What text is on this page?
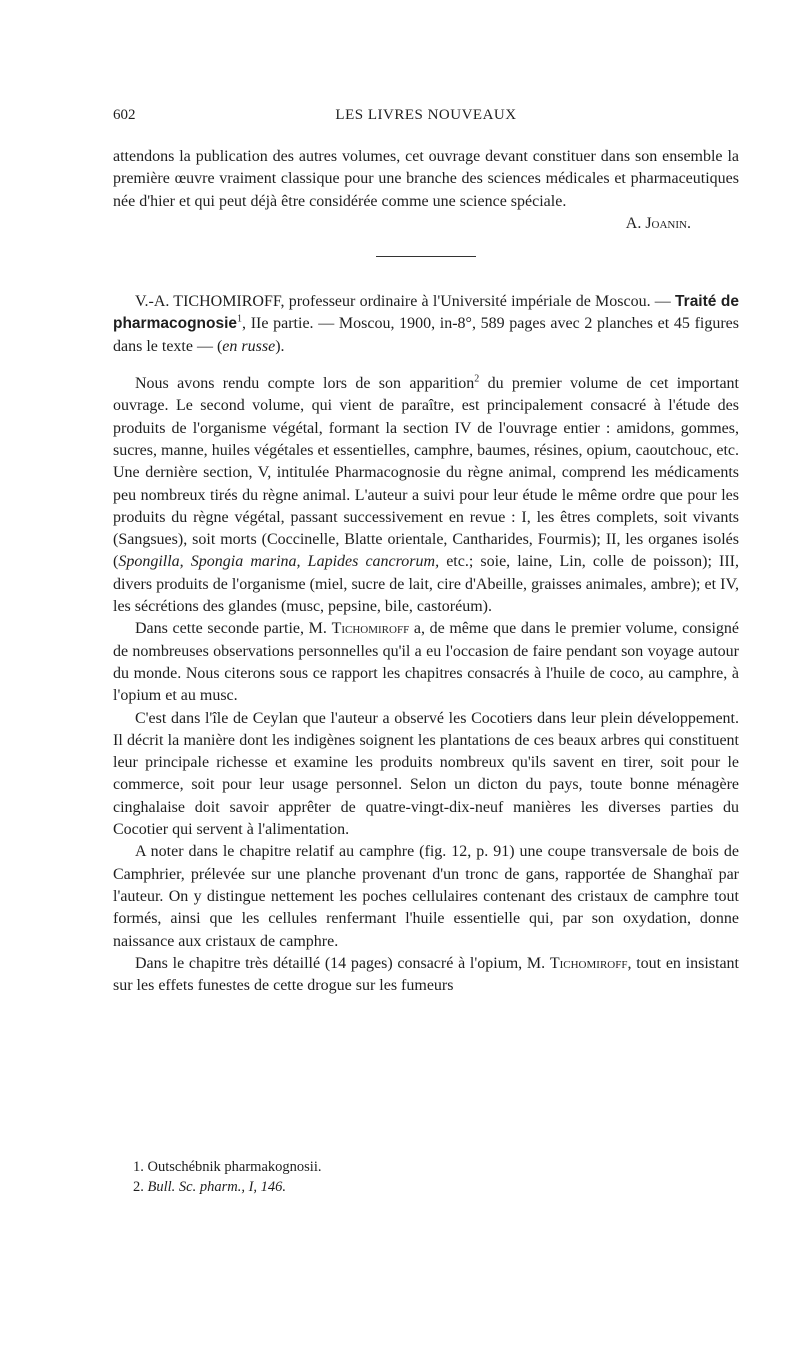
602	LES LIVRES NOUVEAUX

attendons la publication des autres volumes, cet ouvrage devant constituer dans son ensemble la première œuvre vraiment classique pour une branche des sciences médicales et pharmaceutiques née d'hier et qui peut déjà être considérée comme une science spéciale.

A. Joanin.

V.-A. TICHOMIROFF, professeur ordinaire à l'Université impériale de Moscou. — Traité de pharmacognosie$^1$, IIe partie. — Moscou, 1900, in-8°, 589 pages avec 2 planches et 45 figures dans le texte — (en russe).

Nous avons rendu compte lors de son apparition$^2$ du premier volume de cet important ouvrage. Le second volume, qui vient de paraître, est principalement consacré à l'étude des produits de l'organisme végétal, formant la section IV de l'ouvrage entier : amidons, gommes, sucres, manne, huiles végétales et essentielles, camphre, baumes, résines, opium, caoutchouc, etc. Une dernière section, V, intitulée Pharmacognosie du règne animal, comprend les médicaments peu nombreux tirés du règne animal. L'auteur a suivi pour leur étude le même ordre que pour les produits du règne végétal, passant successivement en revue : I, les êtres complets, soit vivants (Sangsues), soit morts (Coccinelle, Blatte orientale, Cantharides, Fourmis); II, les organes isolés (Spongilla, Spongia marina, Lapides cancrorum, etc.; soie, laine, Lin, colle de poisson); III, divers produits de l'organisme (miel, sucre de lait, cire d'Abeille, graisses animales, ambre); et IV, les sécrétions des glandes (musc, pepsine, bile, castoréum).

Dans cette seconde partie, M. Tichomiroff a, de même que dans le premier volume, consigné de nombreuses observations personnelles qu'il a eu l'occasion de faire pendant son voyage autour du monde. Nous citerons sous ce rapport les chapitres consacrés à l'huile de coco, au camphre, à l'opium et au musc.

C'est dans l'île de Ceylan que l'auteur a observé les Cocotiers dans leur plein développement. Il décrit la manière dont les indigènes soignent les plantations de ces beaux arbres qui constituent leur principale richesse et examine les produits nombreux qu'ils savent en tirer, soit pour le commerce, soit pour leur usage personnel. Selon un dicton du pays, toute bonne ménagère cinghalaise doit savoir apprêter de quatre-vingt-dix-neuf manières les diverses parties du Cocotier qui servent à l'alimentation.

A noter dans le chapitre relatif au camphre (fig. 12, p. 91) une coupe transversale de bois de Camphrier, prélevée sur une planche provenant d'un tronc de gans, rapportée de Shanghaï par l'auteur. On y distingue nettement les poches cellulaires contenant des cristaux de camphre tout formés, ainsi que les cellules renfermant l'huile essentielle qui, par son oxydation, donne naissance aux cristaux de camphre.

Dans le chapitre très détaillé (14 pages) consacré à l'opium, M. Tichomiroff, tout en insistant sur les effets funestes de cette drogue sur les fumeurs

1. Outschébnik pharmakognosii.

2. Bull. Sc. pharm., I, 146.
